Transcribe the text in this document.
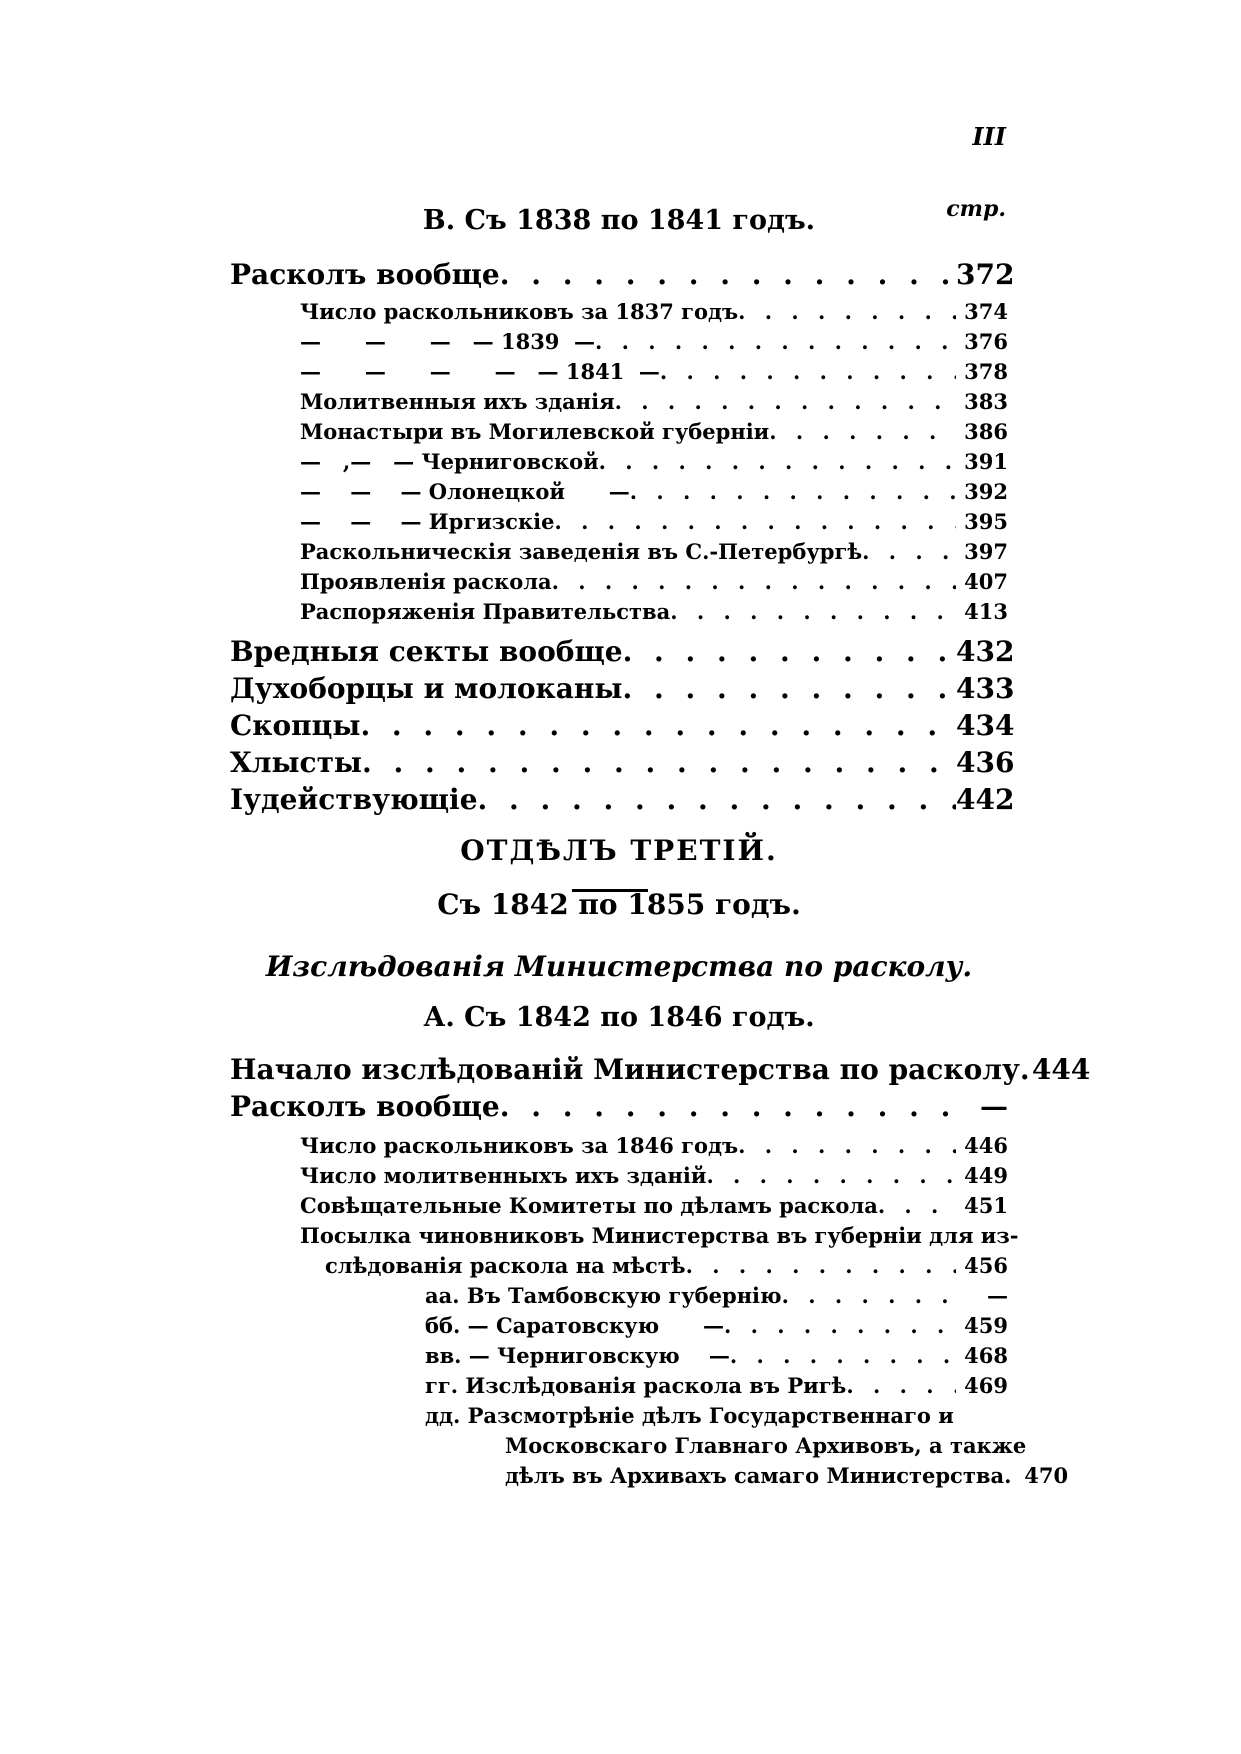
III
стр.
В. Съ 1838 по 1841 годъ.
Расколъ вообще . . .	372
Число раскольниковъ за 1837 годъ . . .	374
—      —      —   — 1839  — . . .	376
—      —      —      —   — 1841  — . . .	378
Молитвенныя ихъ зданія . . .	383
Монастыри въ Могилевской губерніи . . .	386
—   ,—   — Черниговской . . .	391
—    —    — Олонецкой      — . . .	392
—    —    — Иргизскіе . . .	395
Раскольническія заведенія въ С.-Петербургѣ . . .	397
Проявленія раскола . . .	407
Распоряженія Правительства . . .	413
Вредныя секты вообще . . .	432
Духоборцы и молоканы . . .	433
Скопцы . . .	434
Хлысты . . .	436
Іудействующіе . . .	442
ОТДѢЛЪ ТРЕТІЙ.
Съ 1842 по 1855 годъ.
Изслѣдованія Министерства по расколу.
А. Съ 1842 по 1846 годъ.
Начало изслѣдованій Министерства по расколу . . . 444
Расколъ вообще . . .	—
Число раскольниковъ за 1846 годъ . . .	446
Число молитвенныхъ ихъ зданій . . .	449
Совѣщательные Комитеты по дѣламъ раскола . . .	451
Посылка чиновниковъ Министерства въ губерніи для из-
слѣдованія раскола на мѣстѣ . . .	456
аа. Въ Тамбовскую губернію . . .	—
бб. — Саратовскую      — . . .	459
вв. — Черниговскую    — . . .	468
гг. Изслѣдованія раскола въ Ригѣ . . .	469
дд. Разсмотрѣніе дѣлъ Государственнаго и
Московскаго Главнаго Архивовъ, а также
дѣлъ въ Архивахъ самаго Министерства . . . 470
